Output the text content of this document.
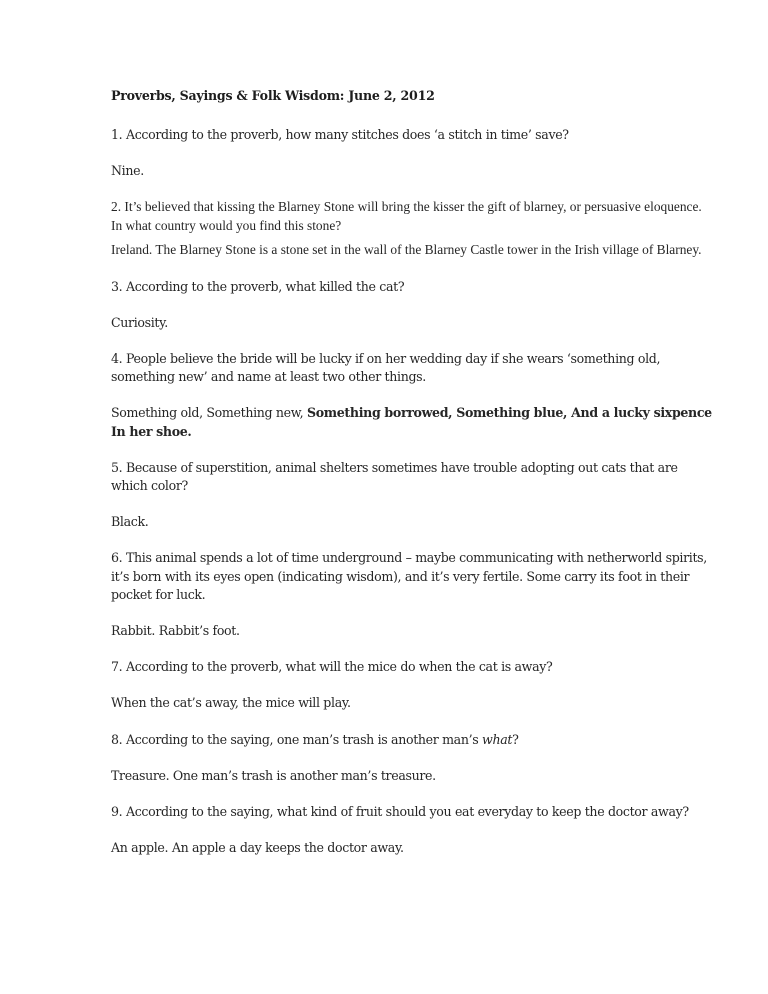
Proverbs, Sayings & Folk Wisdom: June 2, 2012

1. According to the proverb, how many stitches does ‘a stitch in time’ save?

Nine.

2. It’s believed that kissing the Blarney Stone will bring the kisser the gift of blarney, or persuasive eloquence. In what country would you find this stone?

Ireland. The Blarney Stone is a stone set in the wall of the Blarney Castle tower in the Irish village of Blarney.

3. According to the proverb, what killed the cat?

Curiosity.

4. People believe the bride will be lucky if on her wedding day if she wears ‘something old, something new’ and name at least two other things.

Something old, Something new, Something borrowed, Something blue, And a lucky sixpence In her shoe.

5. Because of superstition, animal shelters sometimes have trouble adopting out cats that are which color?

Black.

6. This animal spends a lot of time underground – maybe communicating with netherworld spirits, it’s born with its eyes open (indicating wisdom), and it’s very fertile. Some carry its foot in their pocket for luck.

Rabbit. Rabbit’s foot.

7. According to the proverb, what will the mice do when the cat is away?

When the cat’s away, the mice will play.

8. According to the saying, one man’s trash is another man’s what?

Treasure. One man’s trash is another man’s treasure.

9. According to the saying, what kind of fruit should you eat everyday to keep the doctor away?

An apple. An apple a day keeps the doctor away.
